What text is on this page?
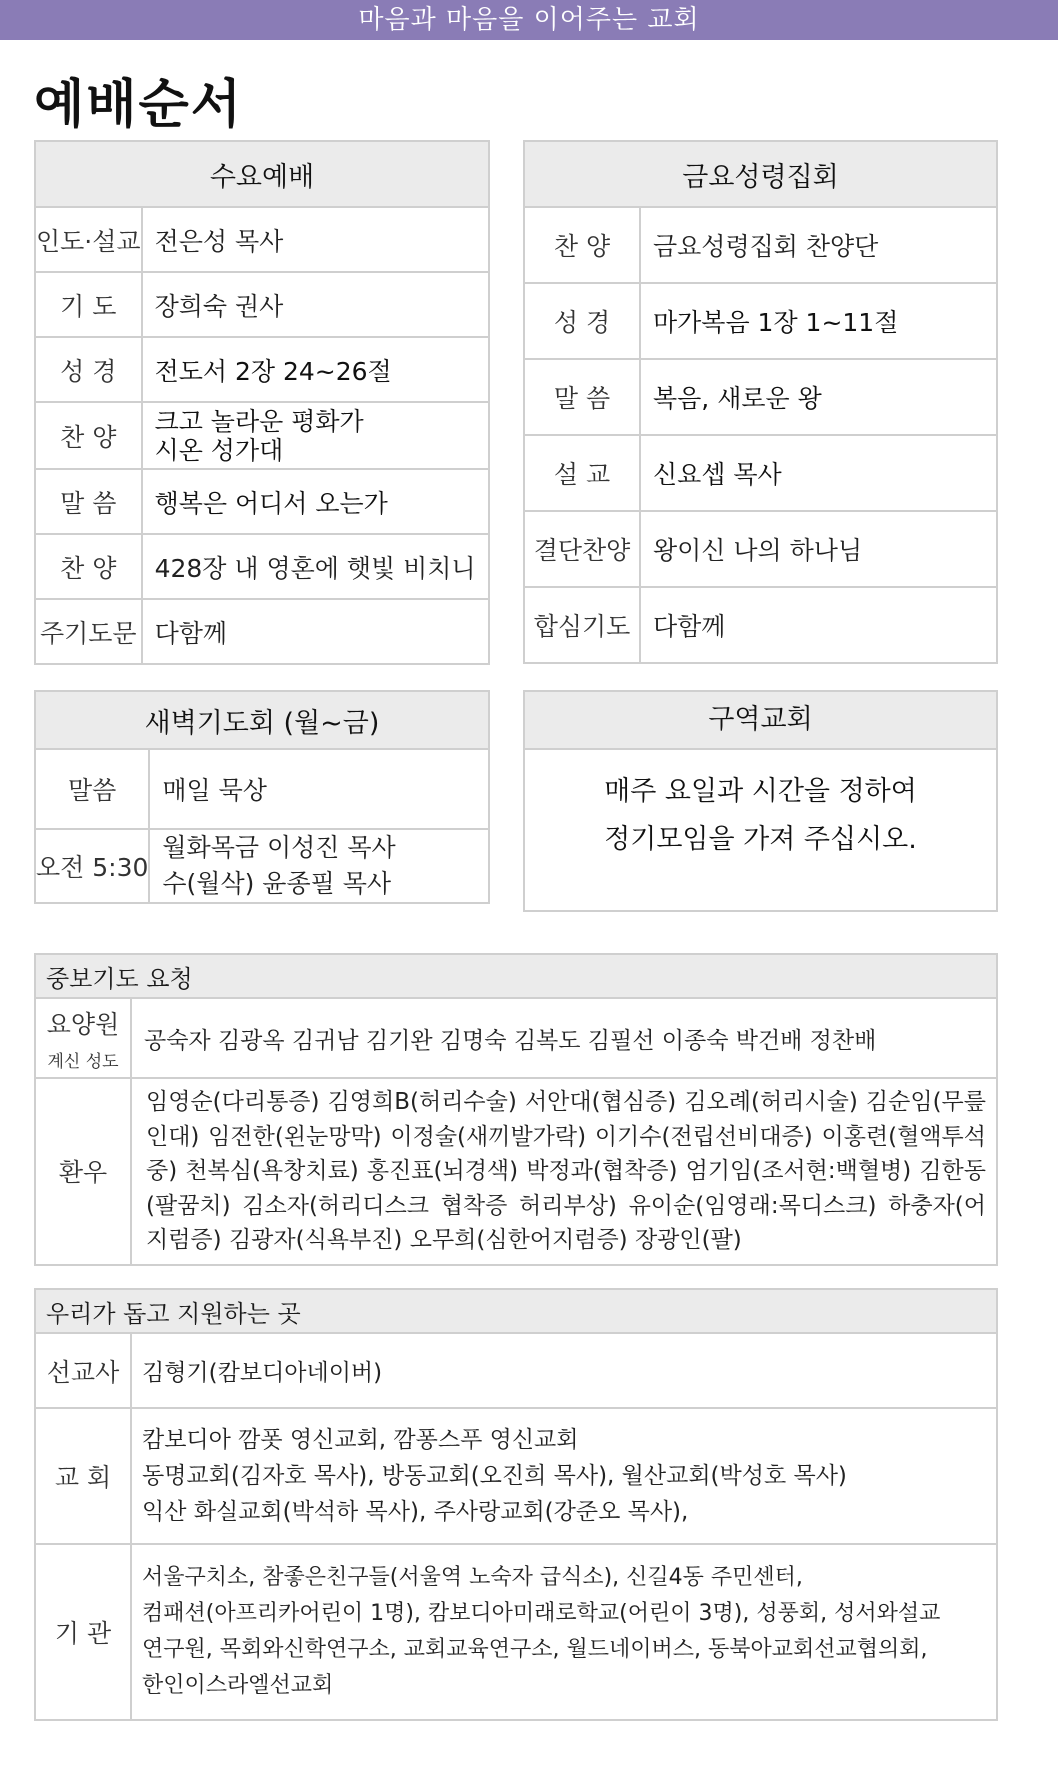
마음과 마음을 이어주는 교회
예배순서
수요예배	
인도·설교	전은성 목사
기 도	장희숙 권사
성 경	전도서 2장 24~26절
찬 양	크고 놀라운 평화가
시온 성가대

말 씀	행복은 어디서 오는가
찬 양	428장 내 영혼에 햇빛 비치니
주기도문	다함께
금요성령집회	
찬 양	금요성령집회 찬양단
성 경	마가복음 1장 1~11절
말 씀	복음, 새로운 왕
설 교	신요셉 목사
결단찬양	왕이신 나의 하나님
합심기도	다함께
새벽기도회 (월~금)	
말씀	매일 묵상
오전 5:30	월화목금 이성진 목사
수(월삭) 윤종필 목사
구역교회
매주 요일과 시간을 정하여
정기모임을 가져 주십시오.
중보기도 요청	
요양원
계신 성도	공숙자 김광옥 김귀남 김기완 김명숙 김복도 김필선 이종숙 박건배 정찬배
환우	임영순(다리통증) 김영희B(허리수술) 서안대(협심증) 김오례(허리시술) 김순임(무릎인대) 임전한(왼눈망막) 이정술(새끼발가락) 이기수(전립선비대증) 이홍련(혈액투석중) 천복심(욕창치료) 홍진표(뇌경색) 박정과(협착증) 엄기임(조서현:백혈병) 김한동(팔꿈치) 김소자(허리디스크 협착증 허리부상) 유이순(임영래:목디스크) 하충자(어지럼증) 김광자(식욕부진) 오무희(심한어지럼증) 장광인(팔)
우리가 돕고 지원하는 곳	
선교사	김형기(캄보디아네이버)
교 회	캄보디아 깜폿 영신교회, 깜퐁스푸 영신교회
동명교회(김자호 목사), 방동교회(오진희 목사), 월산교회(박성호 목사)
익산 화실교회(박석하 목사), 주사랑교회(강준오 목사),

기 관	서울구치소, 참좋은친구들(서울역 노숙자 급식소), 신길4동 주민센터,
컴패션(아프리카어린이 1명), 캄보디아미래로학교(어린이 3명), 성풍회, 성서와설교
연구원, 목회와신학연구소, 교회교육연구소, 월드네이버스, 동북아교회선교협의회,
한인이스라엘선교회
